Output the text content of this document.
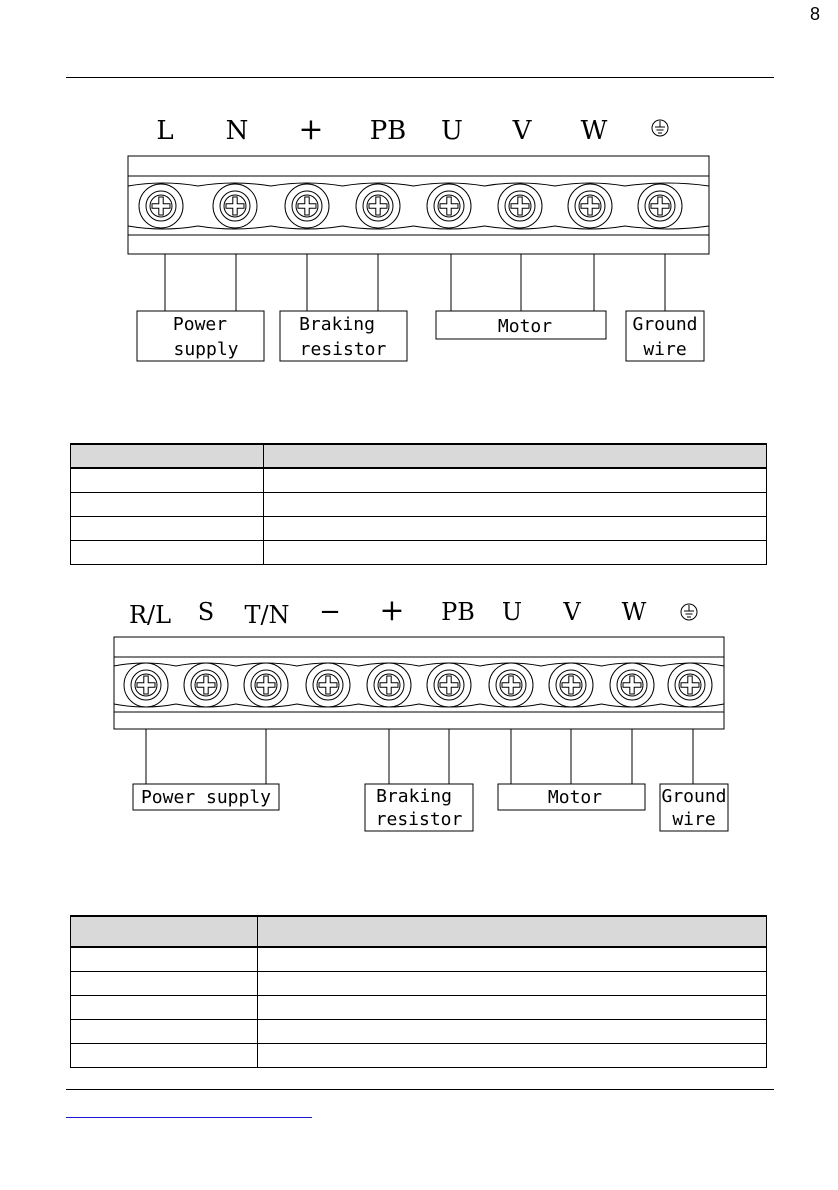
8
L N + PB U V W
Power
supply
Braking
resistor
Motor	Ground
wire

R/L S T/N − + PB U V W
Power supply	Braking
resistor
Motor	Ground
wire
